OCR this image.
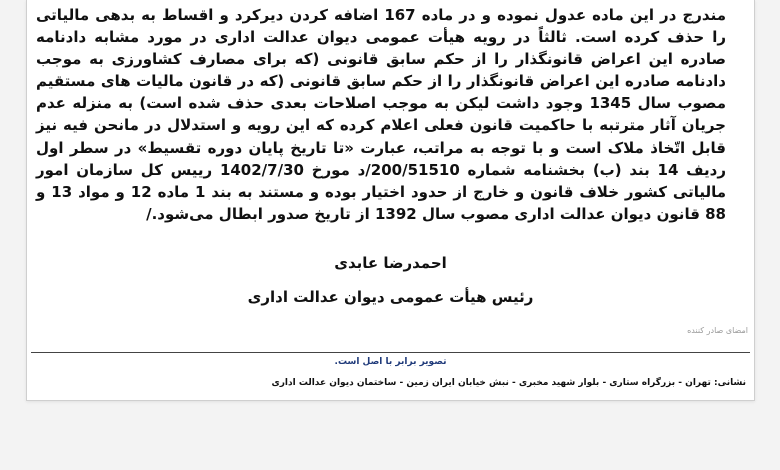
مندرج در این ماده عدول نموده و در ماده 167 اضافه کردن دیرکرد و اقساط به بدهی مالیاتی را حذف کرده است. ثالثاً در رویه هیأت عمومی دیوان عدالت اداری در مورد مشابه دادنامه صادره این اعراض قانونگذار را از حکم سابق قانونی (که برای مصارف کشاورزی به موجب دادنامه صادره این اعراض قانونگذار را از حکم سابق قانونی (که در قانون مالیات های مستقیم مصوب سال 1345 وجود داشت لیکن به موجب اصلاحات بعدی حذف شده است) به منزله عدم جریان آثار مترتبه با حاکمیت قانون فعلی اعلام کرده که این رویه و استدلال در مانحن فیه نیز قابل اتّخاذ ملاک است و با توجه به مراتب، عبارت «تا تاریخ پایان دوره تقسیط» در سطر اول ردیف 14 بند (ب) بخشنامه شماره 200/51510/د مورخ 1402/7/30 رییس کل سازمان امور مالیاتی کشور خلاف قانون و خارج از حدود اختیار بوده و مستند به بند 1 ماده 12 و مواد 13 و 88 قانون دیوان عدالت اداری مصوب سال 1392 از تاریخ صدور ابطال می‌شود./
احمدرضا عابدی
رئیس هیأت عمومی دیوان عدالت اداری
امضای صادر کننده
تصویر برابر با اصل است.
نشانی: تهران - بزرگراه ستاری - بلوار شهید مخبری - نبش خیابان ایران زمین - ساختمان دیوان عدالت اداری
